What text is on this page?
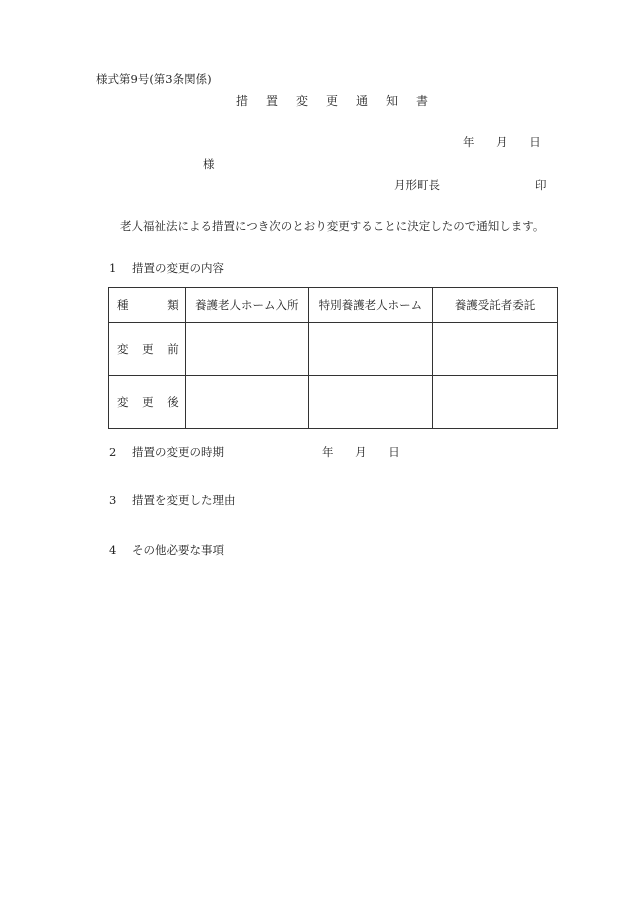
様式第9号(第3条関係)
措置変更通知書
年 月 日
様
月形町長	印
老人福祉法による措置につき次のとおり変更することに決定したので通知します。
1 措置の変更の内容
種 類	養護老人ホーム入所	特別養護老人ホーム	養護受託者委託

変 更 前			

変 更 後			

2 措置の変更の時期	年 月 日
3 措置を変更した理由
4 その他必要な事項
